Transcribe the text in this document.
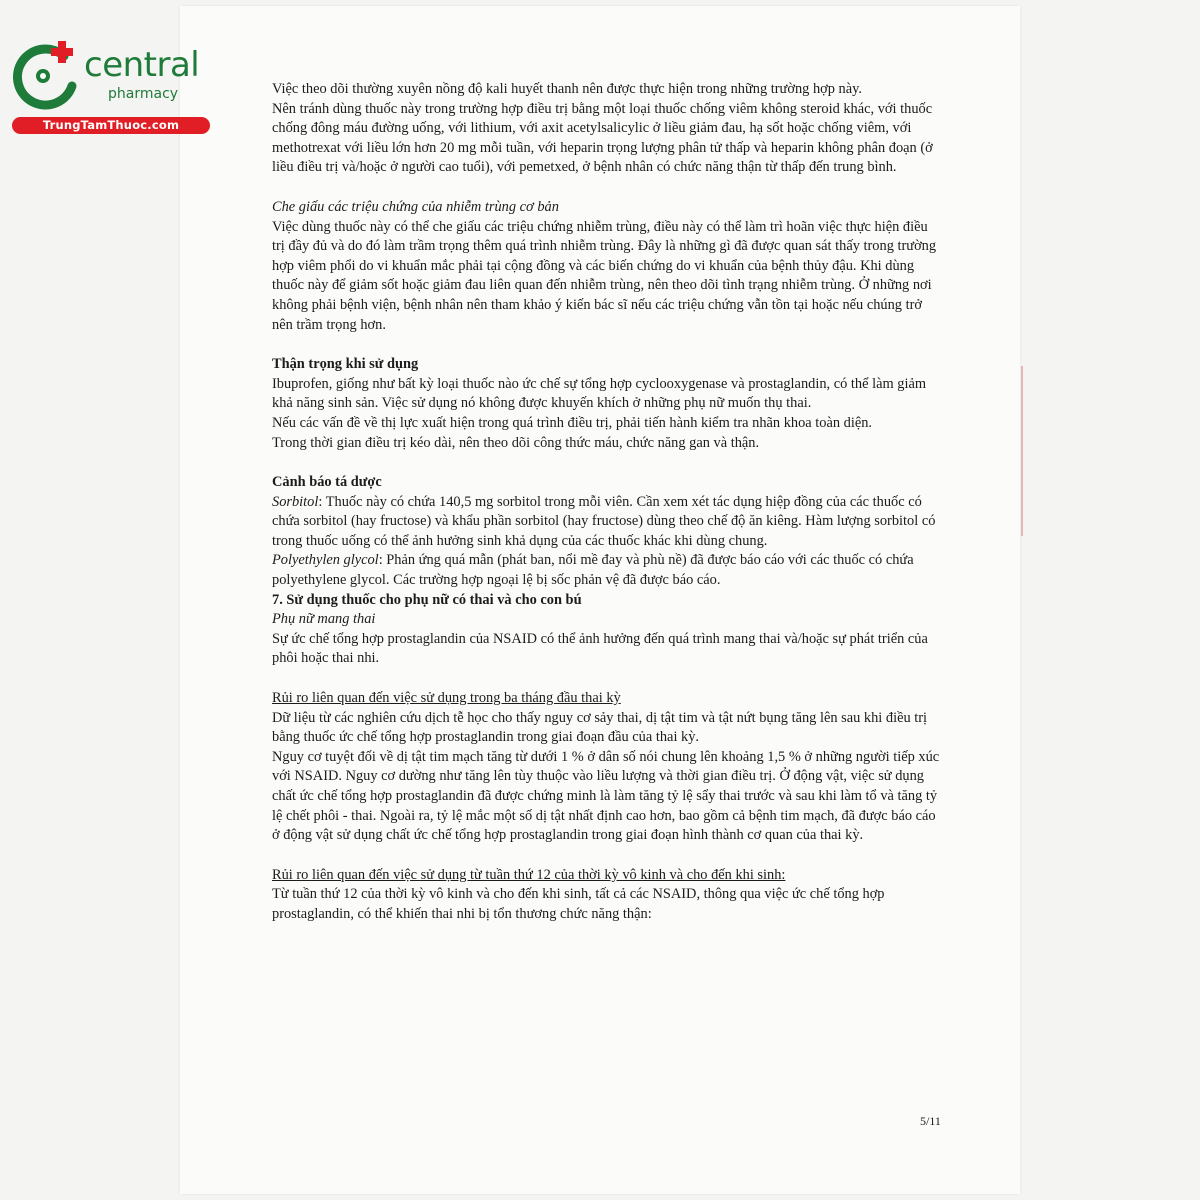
central
pharmacy
TrungTamThuoc.com

Việc theo dõi thường xuyên nồng độ kali huyết thanh nên được thực hiện trong những trường hợp này.

Nên tránh dùng thuốc này trong trường hợp điều trị bằng một loại thuốc chống viêm không steroid khác, với thuốc chống đông máu đường uống, với lithium, với axit acetylsalicylic ở liều giảm đau, hạ sốt hoặc chống viêm, với methotrexat với liều lớn hơn 20 mg mỗi tuần, với heparin trọng lượng phân tử thấp và heparin không phân đoạn (ở liều điều trị và/hoặc ở người cao tuổi), với pemetxed, ở bệnh nhân có chức năng thận từ thấp đến trung bình.

Che giấu các triệu chứng của nhiễm trùng cơ bản

Việc dùng thuốc này có thể che giấu các triệu chứng nhiễm trùng, điều này có thể làm trì hoãn việc thực hiện điều trị đầy đủ và do đó làm trầm trọng thêm quá trình nhiễm trùng. Đây là những gì đã được quan sát thấy trong trường hợp viêm phổi do vi khuẩn mắc phải tại cộng đồng và các biến chứng do vi khuẩn của bệnh thủy đậu. Khi dùng thuốc này để giảm sốt hoặc giảm đau liên quan đến nhiễm trùng, nên theo dõi tình trạng nhiễm trùng. Ở những nơi không phải bệnh viện, bệnh nhân nên tham khảo ý kiến bác sĩ nếu các triệu chứng vẫn tồn tại hoặc nếu chúng trở nên trầm trọng hơn.

Thận trọng khi sử dụng

Ibuprofen, giống như bất kỳ loại thuốc nào ức chế sự tổng hợp cyclooxygenase và prostaglandin, có thể làm giảm khả năng sinh sản. Việc sử dụng nó không được khuyến khích ở những phụ nữ muốn thụ thai.

Nếu các vấn đề về thị lực xuất hiện trong quá trình điều trị, phải tiến hành kiểm tra nhãn khoa toàn diện.

Trong thời gian điều trị kéo dài, nên theo dõi công thức máu, chức năng gan và thận.

Cảnh báo tá dược

Sorbitol: Thuốc này có chứa 140,5 mg sorbitol trong mỗi viên. Cần xem xét tác dụng hiệp đồng của các thuốc có chứa sorbitol (hay fructose) và khẩu phần sorbitol (hay fructose) dùng theo chế độ ăn kiêng. Hàm lượng sorbitol có trong thuốc uống có thể ảnh hưởng sinh khả dụng của các thuốc khác khi dùng chung.

Polyethylen glycol: Phản ứng quá mẫn (phát ban, nổi mề đay và phù nề) đã được báo cáo với các thuốc có chứa polyethylene glycol. Các trường hợp ngoại lệ bị sốc phản vệ đã được báo cáo.

7. Sử dụng thuốc cho phụ nữ có thai và cho con bú

Phụ nữ mang thai

Sự ức chế tổng hợp prostaglandin của NSAID có thể ảnh hưởng đến quá trình mang thai và/hoặc sự phát triển của phôi hoặc thai nhi.

Rủi ro liên quan đến việc sử dụng trong ba tháng đầu thai kỳ

Dữ liệu từ các nghiên cứu dịch tễ học cho thấy nguy cơ sảy thai, dị tật tim và tật nứt bụng tăng lên sau khi điều trị bằng thuốc ức chế tổng hợp prostaglandin trong giai đoạn đầu của thai kỳ.

Nguy cơ tuyệt đối về dị tật tim mạch tăng từ dưới 1 % ở dân số nói chung lên khoảng 1,5 % ở những người tiếp xúc với NSAID. Nguy cơ dường như tăng lên tùy thuộc vào liều lượng và thời gian điều trị. Ở động vật, việc sử dụng chất ức chế tổng hợp prostaglandin đã được chứng minh là làm tăng tỷ lệ sẩy thai trước và sau khi làm tổ và tăng tỷ lệ chết phôi - thai. Ngoài ra, tỷ lệ mắc một số dị tật nhất định cao hơn, bao gồm cả bệnh tim mạch, đã được báo cáo ở động vật sử dụng chất ức chế tổng hợp prostaglandin trong giai đoạn hình thành cơ quan của thai kỳ.

Rủi ro liên quan đến việc sử dụng từ tuần thứ 12 của thời kỳ vô kinh và cho đến khi sinh:

Từ tuần thứ 12 của thời kỳ vô kinh và cho đến khi sinh, tất cả các NSAID, thông qua việc ức chế tổng hợp prostaglandin, có thể khiến thai nhi bị tổn thương chức năng thận:

5/11
